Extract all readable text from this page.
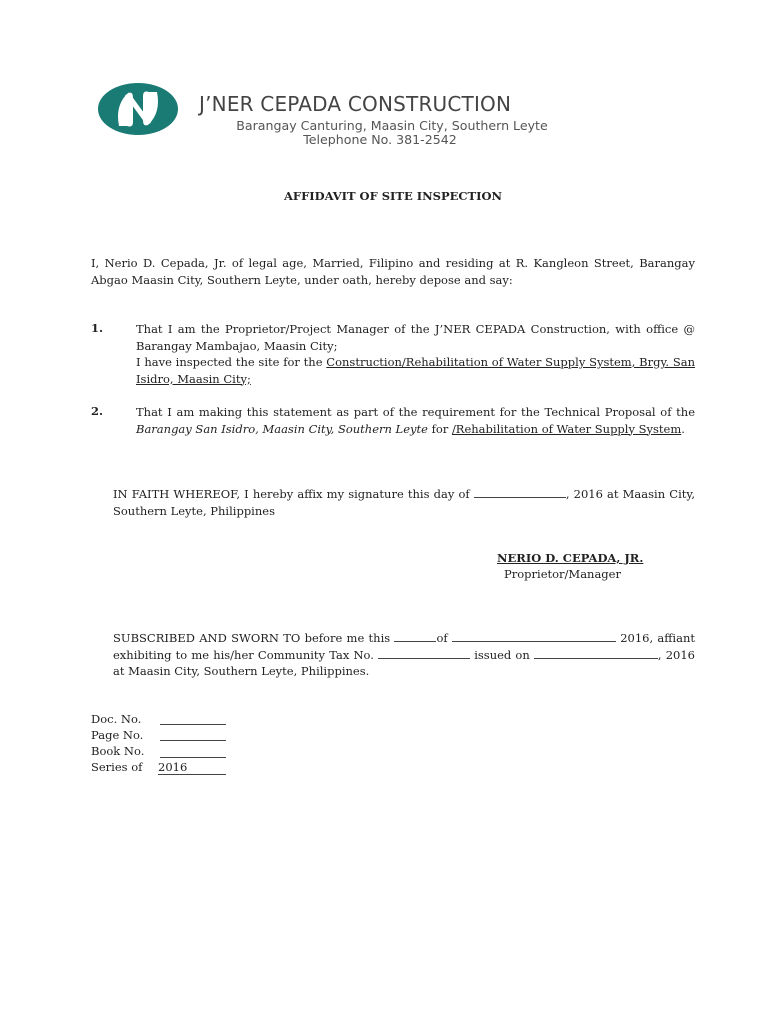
J’NER CEPADA CONSTRUCTION
Barangay Canturing, Maasin City, Southern Leyte
Telephone No. 381-2542
AFFIDAVIT OF SITE INSPECTION
I, Nerio D. Cepada, Jr. of legal age, Married, Filipino and residing at R. Kangleon Street, Barangay Abgao Maasin City, Southern Leyte, under oath, hereby depose and say:
1.	That I am the Proprietor/Project Manager of the J’NER CEPADA Construction, with office @ Barangay Mambajao, Maasin City;
I have inspected the site for the Construction/Rehabilitation of Water Supply System, Brgy. San Isidro, Maasin City;
2.	That I am making this statement as part of the requirement for the Technical Proposal of the Barangay San Isidro, Maasin City, Southern Leyte for /Rehabilitation of Water Supply System.
IN FAITH WHEREOF, I hereby affix my signature this day of	, 2016 at Maasin City, Southern Leyte, Philippines
NERIO D. CEPADA, JR.
Proprietor/Manager
SUBSCRIBED AND SWORN TO before me this	of	2016, affiant exhibiting to me his/her Community Tax No.	issued on	, 2016 at Maasin City, Southern Leyte, Philippines.
Doc. No.
Page No.
Book No.
Series of 2016
